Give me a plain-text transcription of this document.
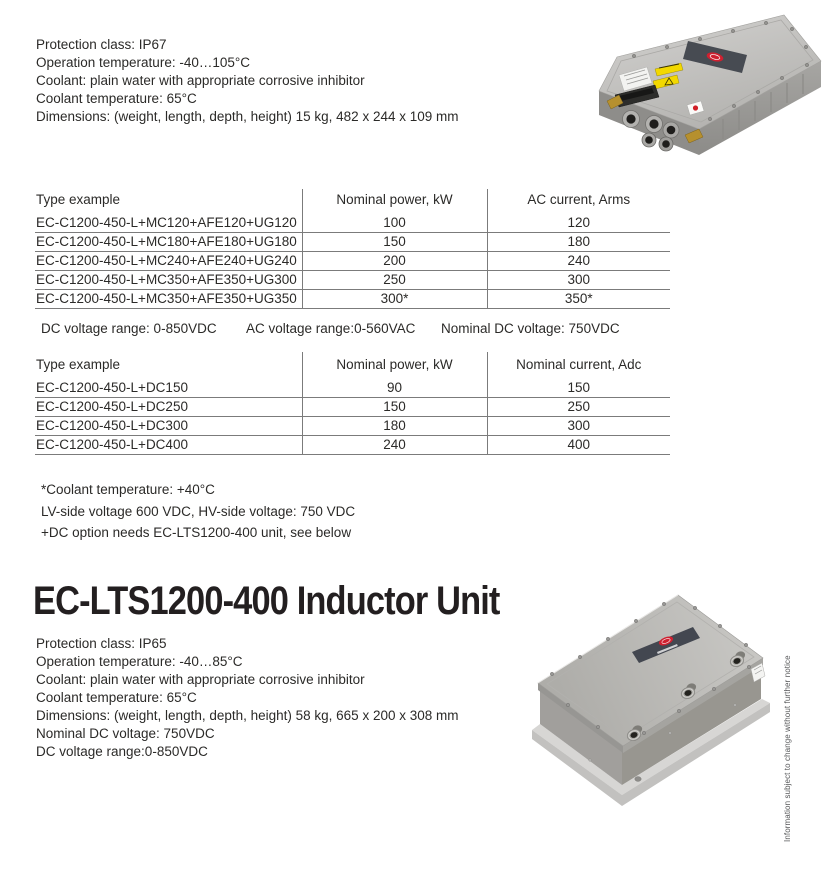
Protection class: IP67
Operation temperature: -40…105°C
Coolant: plain water with appropriate corrosive inhibitor
Coolant temperature: 65°C
Dimensions: (weight, length, depth, height) 15 kg, 482 x 244 x 109 mm
Type example	Nominal power, kW	AC current, Arms
EC-C1200-450-L+MC120+AFE120+UG120	100	120
EC-C1200-450-L+MC180+AFE180+UG180	150	180
EC-C1200-450-L+MC240+AFE240+UG240	200	240
EC-C1200-450-L+MC350+AFE350+UG300	250	300
EC-C1200-450-L+MC350+AFE350+UG350	300*	350*
DC voltage range: 0-850VDC AC voltage range:0-560VAC Nominal DC voltage: 750VDC
Type example	Nominal power, kW	Nominal current, Adc
EC-C1200-450-L+DC150	90	150
EC-C1200-450-L+DC250	150	250
EC-C1200-450-L+DC300	180	300
EC-C1200-450-L+DC400	240	400
*Coolant temperature: +40°C
LV-side voltage 600 VDC, HV-side voltage: 750 VDC
+DC option needs EC-LTS1200-400 unit, see below
EC-LTS1200-400 Inductor Unit
Protection class: IP65
Operation temperature: -40…85°C
Coolant: plain water with appropriate corrosive inhibitor
Coolant temperature: 65°C
Dimensions: (weight, length, depth, height) 58 kg, 665 x 200 x 308 mm
Nominal DC voltage: 750VDC
DC voltage range:0-850VDC	Information subject to change without further notice
